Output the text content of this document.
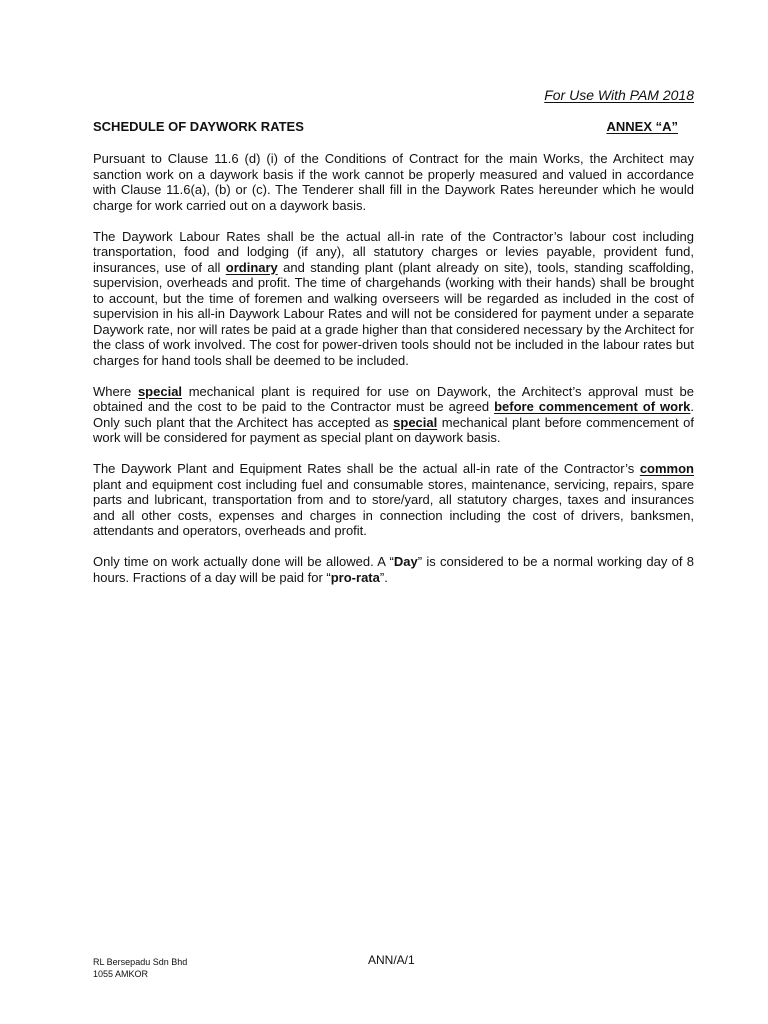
For Use With PAM 2018
SCHEDULE OF DAYWORK RATES	ANNEX “A”

Pursuant to Clause 11.6 (d) (i) of the Conditions of Contract for the main Works, the Architect may sanction work on a daywork basis if the work cannot be properly measured and valued in accordance with Clause 11.6(a), (b) or (c). The Tenderer shall fill in the Daywork Rates hereunder which he would charge for work carried out on a daywork basis.

The Daywork Labour Rates shall be the actual all-in rate of the Contractor’s labour cost including transportation, food and lodging (if any), all statutory charges or levies payable, provident fund, insurances, use of all ordinary and standing plant (plant already on site), tools, standing scaffolding, supervision, overheads and profit. The time of chargehands (working with their hands) shall be brought to account, but the time of foremen and walking overseers will be regarded as included in the cost of supervision in his all-in Daywork Labour Rates and will not be considered for payment under a separate Daywork rate, nor will rates be paid at a grade higher than that considered necessary by the Architect for the class of work involved. The cost for power-driven tools should not be included in the labour rates but charges for hand tools shall be deemed to be included.

Where special mechanical plant is required for use on Daywork, the Architect’s approval must be obtained and the cost to be paid to the Contractor must be agreed before commencement of work. Only such plant that the Architect has accepted as special mechanical plant before commencement of work will be considered for payment as special plant on daywork basis.

The Daywork Plant and Equipment Rates shall be the actual all-in rate of the Contractor’s common plant and equipment cost including fuel and consumable stores, maintenance, servicing, repairs, spare parts and lubricant, transportation from and to store/yard, all statutory charges, taxes and insurances and all other costs, expenses and charges in connection including the cost of drivers, banksmen, attendants and operators, overheads and profit.

Only time on work actually done will be allowed. A “Day” is considered to be a normal working day of 8 hours. Fractions of a day will be paid for “pro-rata”.

RL Bersepadu Sdn Bhd
1055 AMKOR
ANN/A/1
